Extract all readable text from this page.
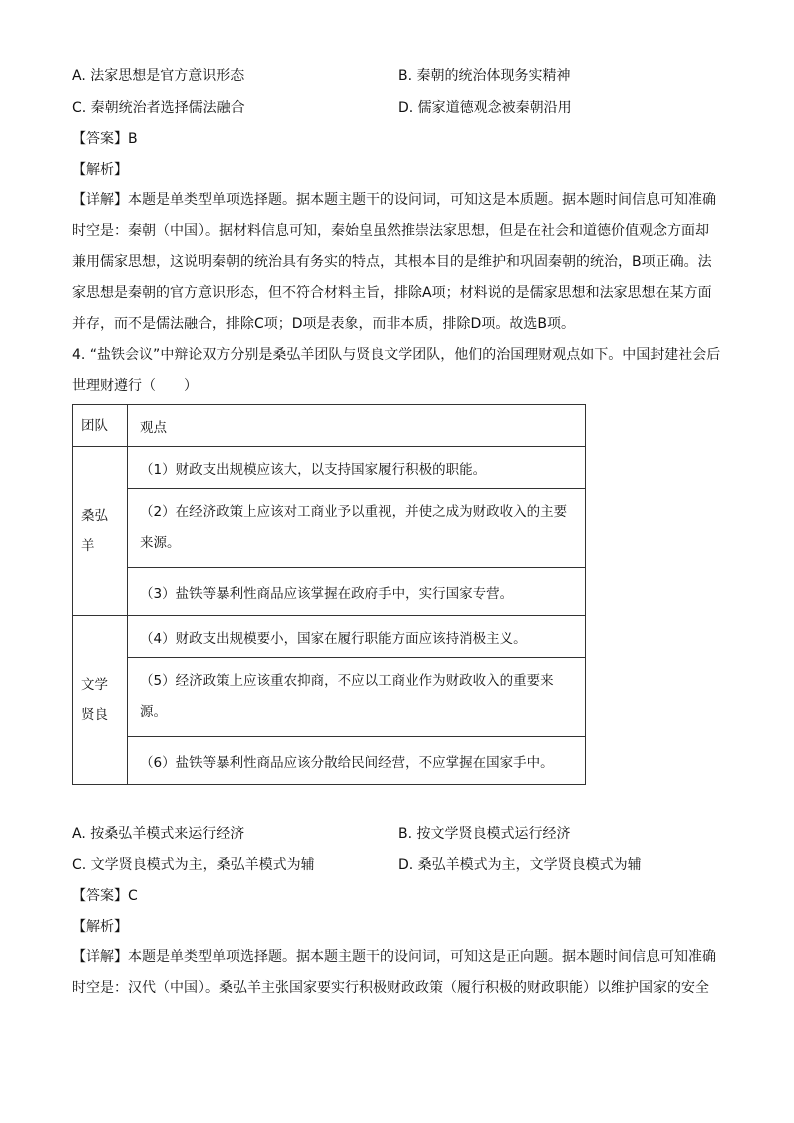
A. 法家思想是官方意识形态	B. 秦朝的统治体现务实精神
C. 秦朝统治者选择儒法融合	D. 儒家道德观念被秦朝沿用
【答案】B
【解析】

【详解】本题是单类型单项选择题。据本题主题干的设问词，可知这是本质题。据本题时间信息可知准确时空是：秦朝（中国）。据材料信息可知，秦始皇虽然推崇法家思想，但是在社会和道德价值观念方面却兼用儒家思想，这说明秦朝的统治具有务实的特点，其根本目的是维护和巩固秦朝的统治，B项正确。法家思想是秦朝的官方意识形态，但不符合材料主旨，排除A项；材料说的是儒家思想和法家思想在某方面并存，而不是儒法融合，排除C项；D项是表象，而非本质，排除D项。故选B项。

4. “盐铁会议”中辩论双方分别是桑弘羊团队与贤良文学团队，他们的治国理财观点如下。中国封建社会后世理财遵行（　　）

团队	观点
桑弘羊	（1）财政支出规模应该大，以支持国家履行积极的职能。
	（2）在经济政策上应该对工商业予以重视，并使之成为财政收入的主要来源。
	（3）盐铁等暴利性商品应该掌握在政府手中，实行国家专营。
文学贤良	（4）财政支出规模要小，国家在履行职能方面应该持消极主义。
	（5）经济政策上应该重农抑商，不应以工商业作为财政收入的重要来源。
	（6）盐铁等暴利性商品应该分散给民间经营，不应掌握在国家手中。
A. 按桑弘羊模式来运行经济	B. 按文学贤良模式运行经济
C. 文学贤良模式为主，桑弘羊模式为辅	D. 桑弘羊模式为主，文学贤良模式为辅
【答案】C
【解析】

【详解】本题是单类型单项选择题。据本题主题干的设问词，可知这是正向题。据本题时间信息可知准确时空是：汉代（中国）。桑弘羊主张国家要实行积极财政政策（履行积极的财政职能）以维护国家的安全
